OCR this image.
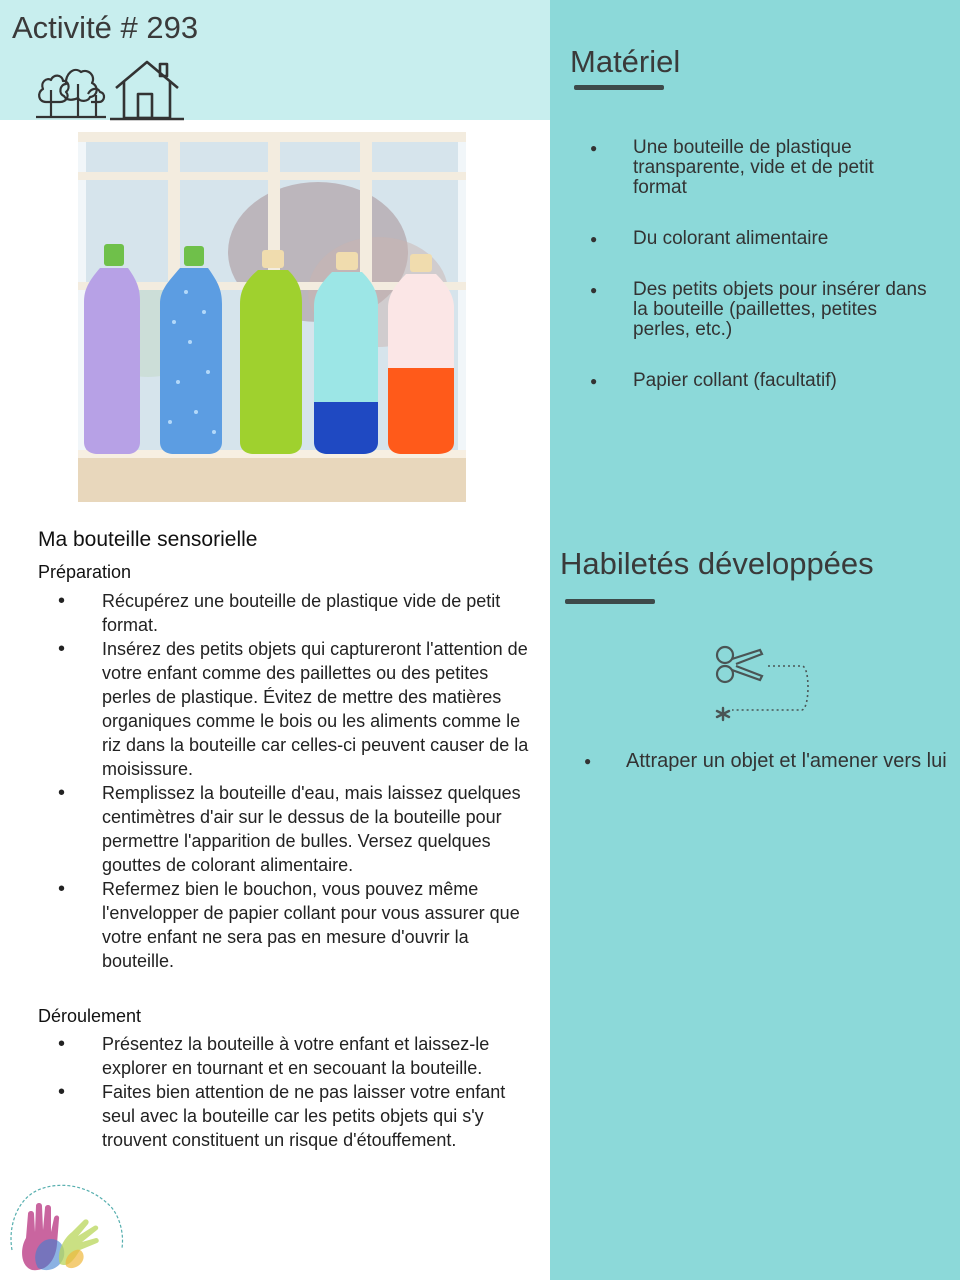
Activité # 293
Ma bouteille sensorielle
Préparation
• Récupérez une bouteille de plastique vide de petit format.
• Insérez des petits objets qui captureront l'attention de votre enfant comme des paillettes ou des petites perles de plastique. Évitez de mettre des matières organiques comme le bois ou les aliments comme le riz dans la bouteille car celles-ci peuvent causer de la moisissure.
• Remplissez la bouteille d'eau, mais laissez quelques centimètres d'air sur le dessus de la bouteille pour permettre l'apparition de bulles. Versez quelques gouttes de colorant alimentaire.
• Refermez bien le bouchon, vous pouvez même l'envelopper de papier collant pour vous assurer que votre enfant ne sera pas en mesure d'ouvrir la bouteille.
Déroulement
• Présentez la bouteille à votre enfant et laissez-le explorer en tournant et en secouant la bouteille.
• Faites bien attention de ne pas laisser votre enfant seul avec la bouteille car les petits objets qui s'y trouvent constituent un risque d'étouffement.
Matériel
● Une bouteille de plastique transparente, vide et de petit format
● Du colorant alimentaire
● Des petits objets pour insérer dans la bouteille (paillettes, petites perles, etc.)
● Papier collant (facultatif)
Habiletés développées
● Attraper un objet et l'amener vers lui
